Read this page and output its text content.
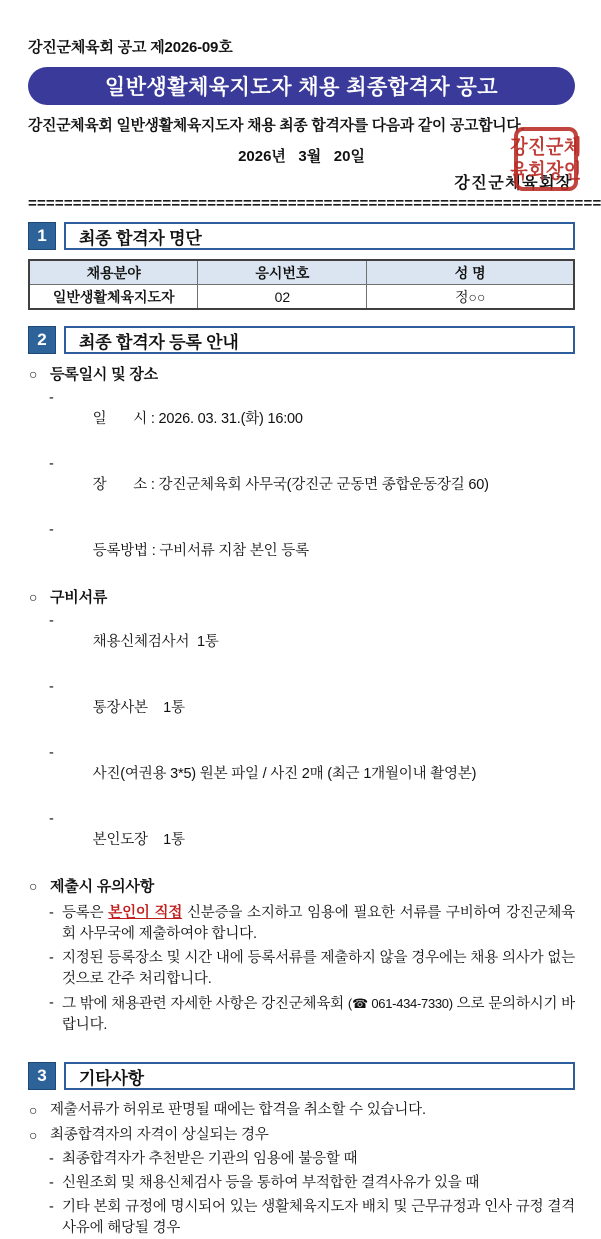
강진군체육회 공고 제2026-09호
일반생활체육지도자 채용 최종합격자 공고
강진군체육회 일반생활체육지도자 채용 최종 합격자를 다음과 같이 공고합니다.
2026년   3월   20일
강진군체육회장
================================================================
1	최종 합격자 명단
채용분야	응시번호	성 명
일반생활체육지도자	02	정○○
2	최종 합격자 등록 안내
○ 등록일시 및 장소

-
일       시 : 2026. 03. 31.(화) 16:00

-
장       소 : 강진군체육회 사무국(강진군 군동면 종합운동장길 60)

-
등록방법 : 구비서류 지참 본인 등록

○ 구비서류

-
채용신체검사서  1통

-
통장사본    1통

-
사진(여권용 3*5) 원본 파일 / 사진 2매 (최근 1개월이내 촬영본)

-
본인도장    1통

○ 제출시 유의사항
- 등록은 본인이 직접 신분증을 소지하고 임용에 필요한 서류를 구비하여 강진군체육회 사무국에 제출하여야 합니다.
- 지정된 등록장소 및 시간 내에 등록서류를 제출하지 않을 경우에는 채용 의사가 없는 것으로 간주 처리합니다.
- 그 밖에 채용관련 자세한 사항은 강진군체육회 (☎ 061-434-7330) 으로 문의하시기 바랍니다.
3	기타사항
○ 제출서류가 허위로 판명될 때에는 합격을 취소할 수 있습니다.
○ 최종합격자의 자격이 상실되는 경우
- 최종합격자가 추천받은 기관의 임용에 불응할 때
- 신원조회 및 채용신체검사 등을 통하여 부적합한 결격사유가 있을 때
- 기타 본회 규정에 명시되어 있는 생활체육지도자 배치 및 근무규정과 인사 규정 결격사유에 해당될 경우
강진군체
육회장인
